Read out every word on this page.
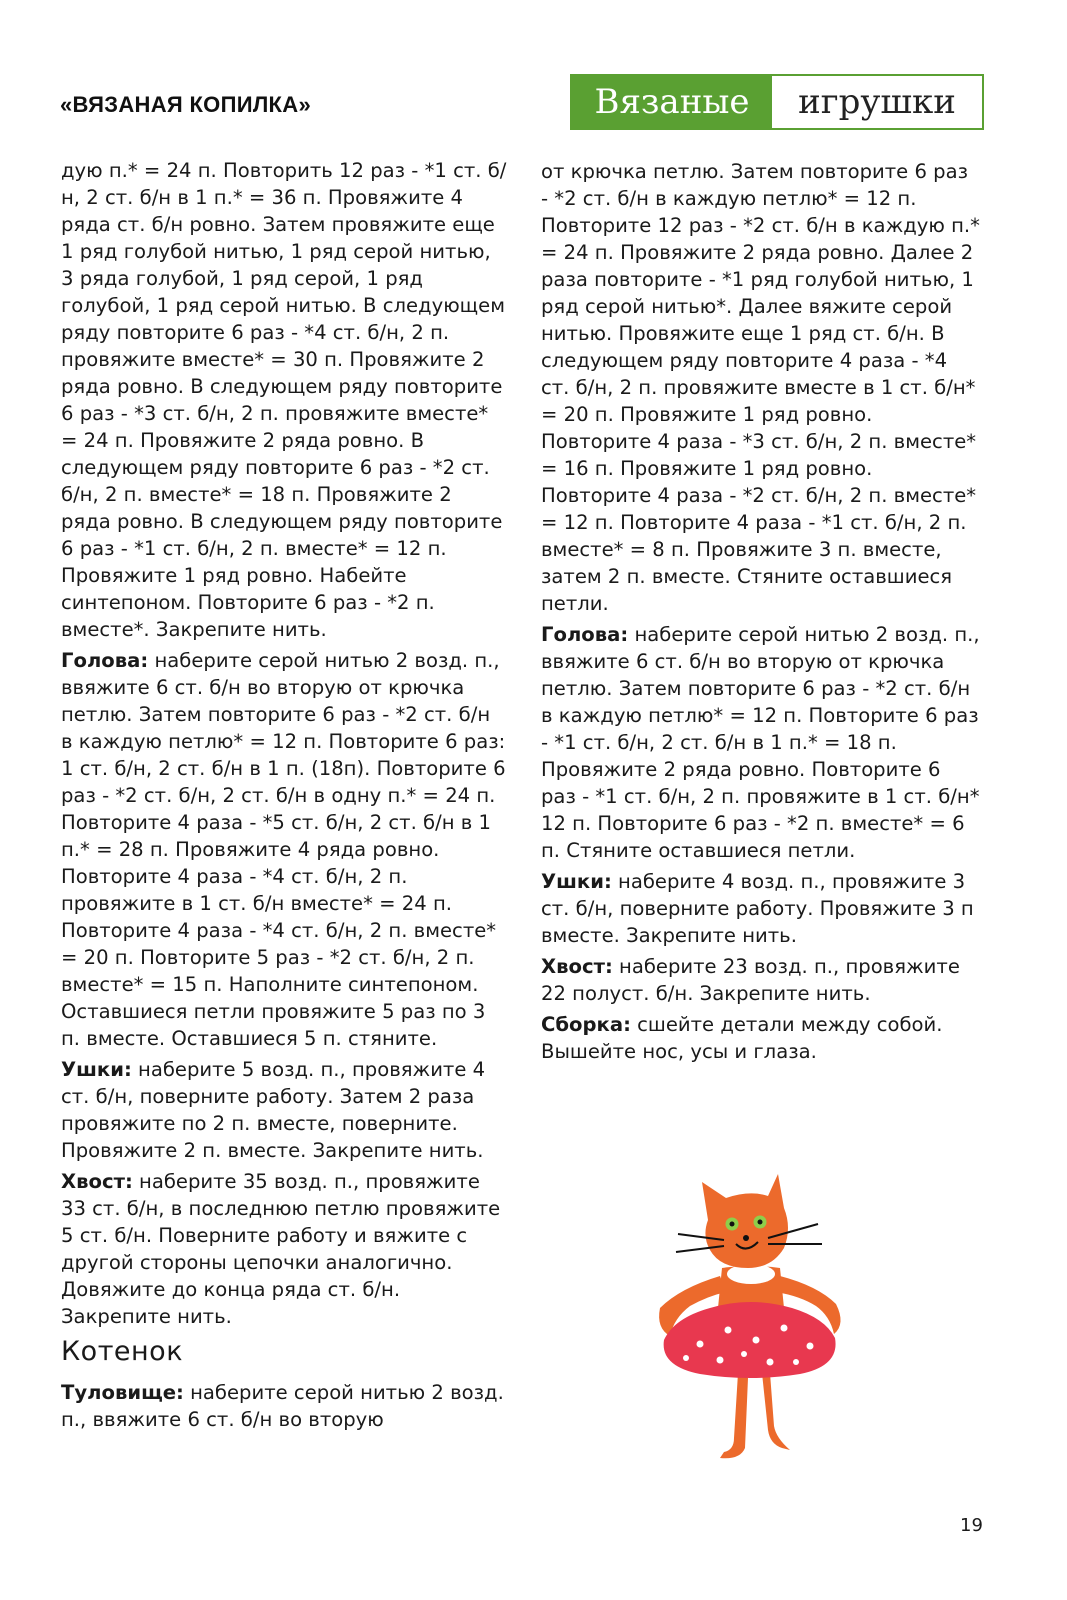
«ВЯЗАНАЯ КОПИЛКА»	Вязаные	игрушки

дую п.* = 24 п. Повторить 12 раз - *1 ст. б/н, 2 ст. б/н в 1 п.* = 36 п. Провяжите 4 ряда ст. б/н ровно. Затем провяжите еще 1 ряд голубой нитью, 1 ряд серой нитью, 3 ряда голубой, 1 ряд серой, 1 ряд голубой, 1 ряд серой нитью. В следующем ряду повторите 6 раз - *4 ст. б/н, 2 п. провяжите вместе* = 30 п. Провяжите 2 ряда ровно. В следующем ряду повторите 6 раз - *3 ст. б/н, 2 п. провяжите вместе* = 24 п. Провяжите 2 ряда ровно. В следующем ряду повторите 6 раз - *2 ст. б/н, 2 п. вместе* = 18 п. Провяжите 2 ряда ровно. В следующем ряду повторите 6 раз - *1 ст. б/н, 2 п. вместе* = 12 п. Провяжите 1 ряд ровно. Набейте синтепоном. Повторите 6 раз - *2 п. вместе*. Закрепите нить.

Голова: наберите серой нитью 2 возд. п., ввяжите 6 ст. б/н во вторую от крючка петлю. Затем повторите 6 раз - *2 ст. б/н в каждую петлю* = 12 п. Повторите 6 раз: 1 ст. б/н, 2 ст. б/н в 1 п. (18п). Повторите 6 раз - *2 ст. б/н, 2 ст. б/н в одну п.* = 24 п. Повторите 4 раза - *5 ст. б/н, 2 ст. б/н в 1 п.* = 28 п. Провяжите 4 ряда ровно. Повторите 4 раза - *4 ст. б/н, 2 п. провяжите в 1 ст. б/н вместе* = 24 п. Повторите 4 раза - *4 ст. б/н, 2 п. вместе* = 20 п. Повторите 5 раз - *2 ст. б/н, 2 п. вместе* = 15 п. Наполните синтепоном. Оставшиеся петли провяжите 5 раз по 3 п. вместе. Оставшиеся 5 п. стяните.

Ушки: наберите 5 возд. п., провяжите 4 ст. б/н, поверните работу. Затем 2 раза провяжите по 2 п. вместе, поверните. Провяжите 2 п. вместе. Закрепите нить.

Хвост: наберите 35 возд. п., провяжите 33 ст. б/н, в последнюю петлю провяжите 5 ст. б/н. Поверните работу и вяжите с другой стороны цепочки аналогично. Довяжите до конца ряда ст. б/н. Закрепите нить.

Котенок

Туловище: наберите серой нитью 2 возд. п., ввяжите 6 ст. б/н во вторую

от крючка петлю. Затем повторите 6 раз - *2 ст. б/н в каждую петлю* = 12 п. Повторите 12 раз - *2 ст. б/н в каждую п.* = 24 п. Провяжите 2 ряда ровно. Далее 2 раза повторите - *1 ряд голубой нитью, 1 ряд серой нитью*. Далее вяжите серой нитью. Провяжите еще 1 ряд ст. б/н. В следующем ряду повторите 4 раза - *4 ст. б/н, 2 п. провяжите вместе в 1 ст. б/н* = 20 п. Провяжите 1 ряд ровно. Повторите 4 раза - *3 ст. б/н, 2 п. вместе* = 16 п. Провяжите 1 ряд ровно. Повторите 4 раза - *2 ст. б/н, 2 п. вместе* = 12 п. Повторите 4 раза - *1 ст. б/н, 2 п. вместе* = 8 п. Провяжите 3 п. вместе, затем 2 п. вместе. Стяните оставшиеся петли.

Голова: наберите серой нитью 2 возд. п., ввяжите 6 ст. б/н во вторую от крючка петлю. Затем повторите 6 раз - *2 ст. б/н в каждую петлю* = 12 п. Повторите 6 раз - *1 ст. б/н, 2 ст. б/н в 1 п.* = 18 п. Провяжите 2 ряда ровно. Повторите 6 раз - *1 ст. б/н, 2 п. провяжите в 1 ст. б/н* 12 п. Повторите 6 раз - *2 п. вместе* = 6 п. Стяните оставшиеся петли.

Ушки: наберите 4 возд. п., провяжите 3 ст. б/н, поверните работу. Провяжите 3 п вместе. Закрепите нить.

Хвост: наберите 23 возд. п., провяжите 22 полуст. б/н. Закрепите нить.

Сборка: сшейте детали между собой. Вышейте нос, усы и глаза.

19
